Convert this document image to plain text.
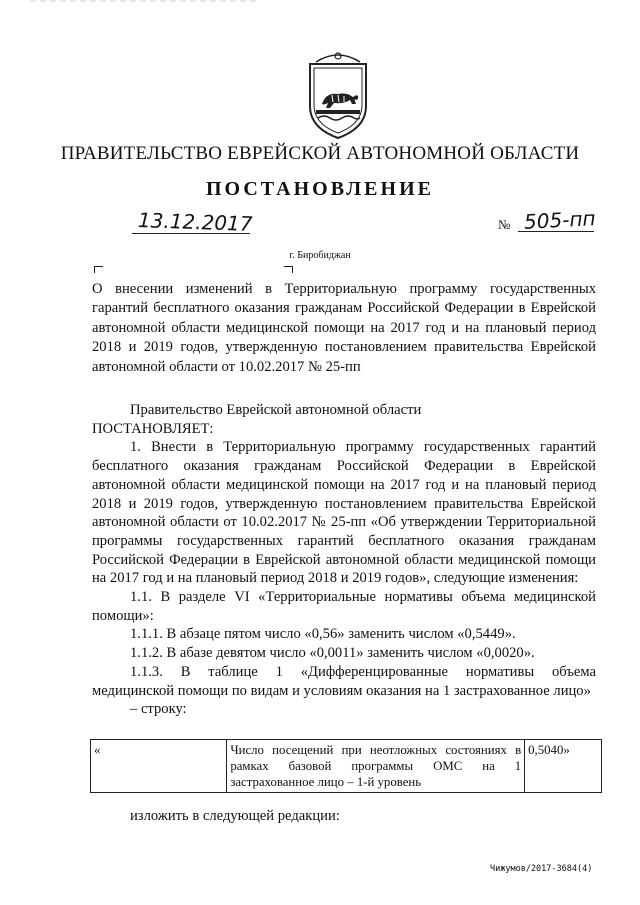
ПРАВИТЕЛЬСТВО ЕВРЕЙСКОЙ АВТОНОМНОЙ ОБЛАСТИ
ПОСТАНОВЛЕНИЕ
13.12.2017	№ 505-пп
г. Биробиджан
О внесении изменений в Территориальную программу государственных гарантий бесплатного оказания гражданам Российской Федерации в Еврейской автономной области медицинской помощи на 2017 год и на плановый период 2018 и 2019 годов, утвержденную постановлением правительства Еврейской автономной области от 10.02.2017 № 25-пп

Правительство Еврейской автономной области

ПОСТАНОВЛЯЕТ:

1. Внести в Территориальную программу государственных гарантий бесплатного оказания гражданам Российской Федерации в Еврейской автономной области медицинской помощи на 2017 год и на плановый период 2018 и 2019 годов, утвержденную постановлением правительства Еврейской автономной области от 10.02.2017 № 25-пп «Об утверждении Территориальной программы государственных гарантий бесплатного оказания гражданам Российской Федерации в Еврейской автономной области медицинской помощи на 2017 год и на плановый период 2018 и 2019 годов», следующие изменения:

1.1. В разделе VI «Территориальные нормативы объема медицинской помощи»:

1.1.1. В абзаце пятом число «0,56» заменить числом «0,5449».

1.1.2. В абазе девятом число «0,0011» заменить числом «0,0020».

1.1.3. В таблице 1 «Дифференцированные нормативы объема медицинской помощи по видам и условиям оказания на 1 застрахованное лицо»

– строку:

«	Число посещений при неотложных состояниях в рамках базовой программы ОМС на 1 застрахованное лицо – 1-й уровень	0,5040»
изложить в следующей редакции:
Чижумов/2017-3684(4)
